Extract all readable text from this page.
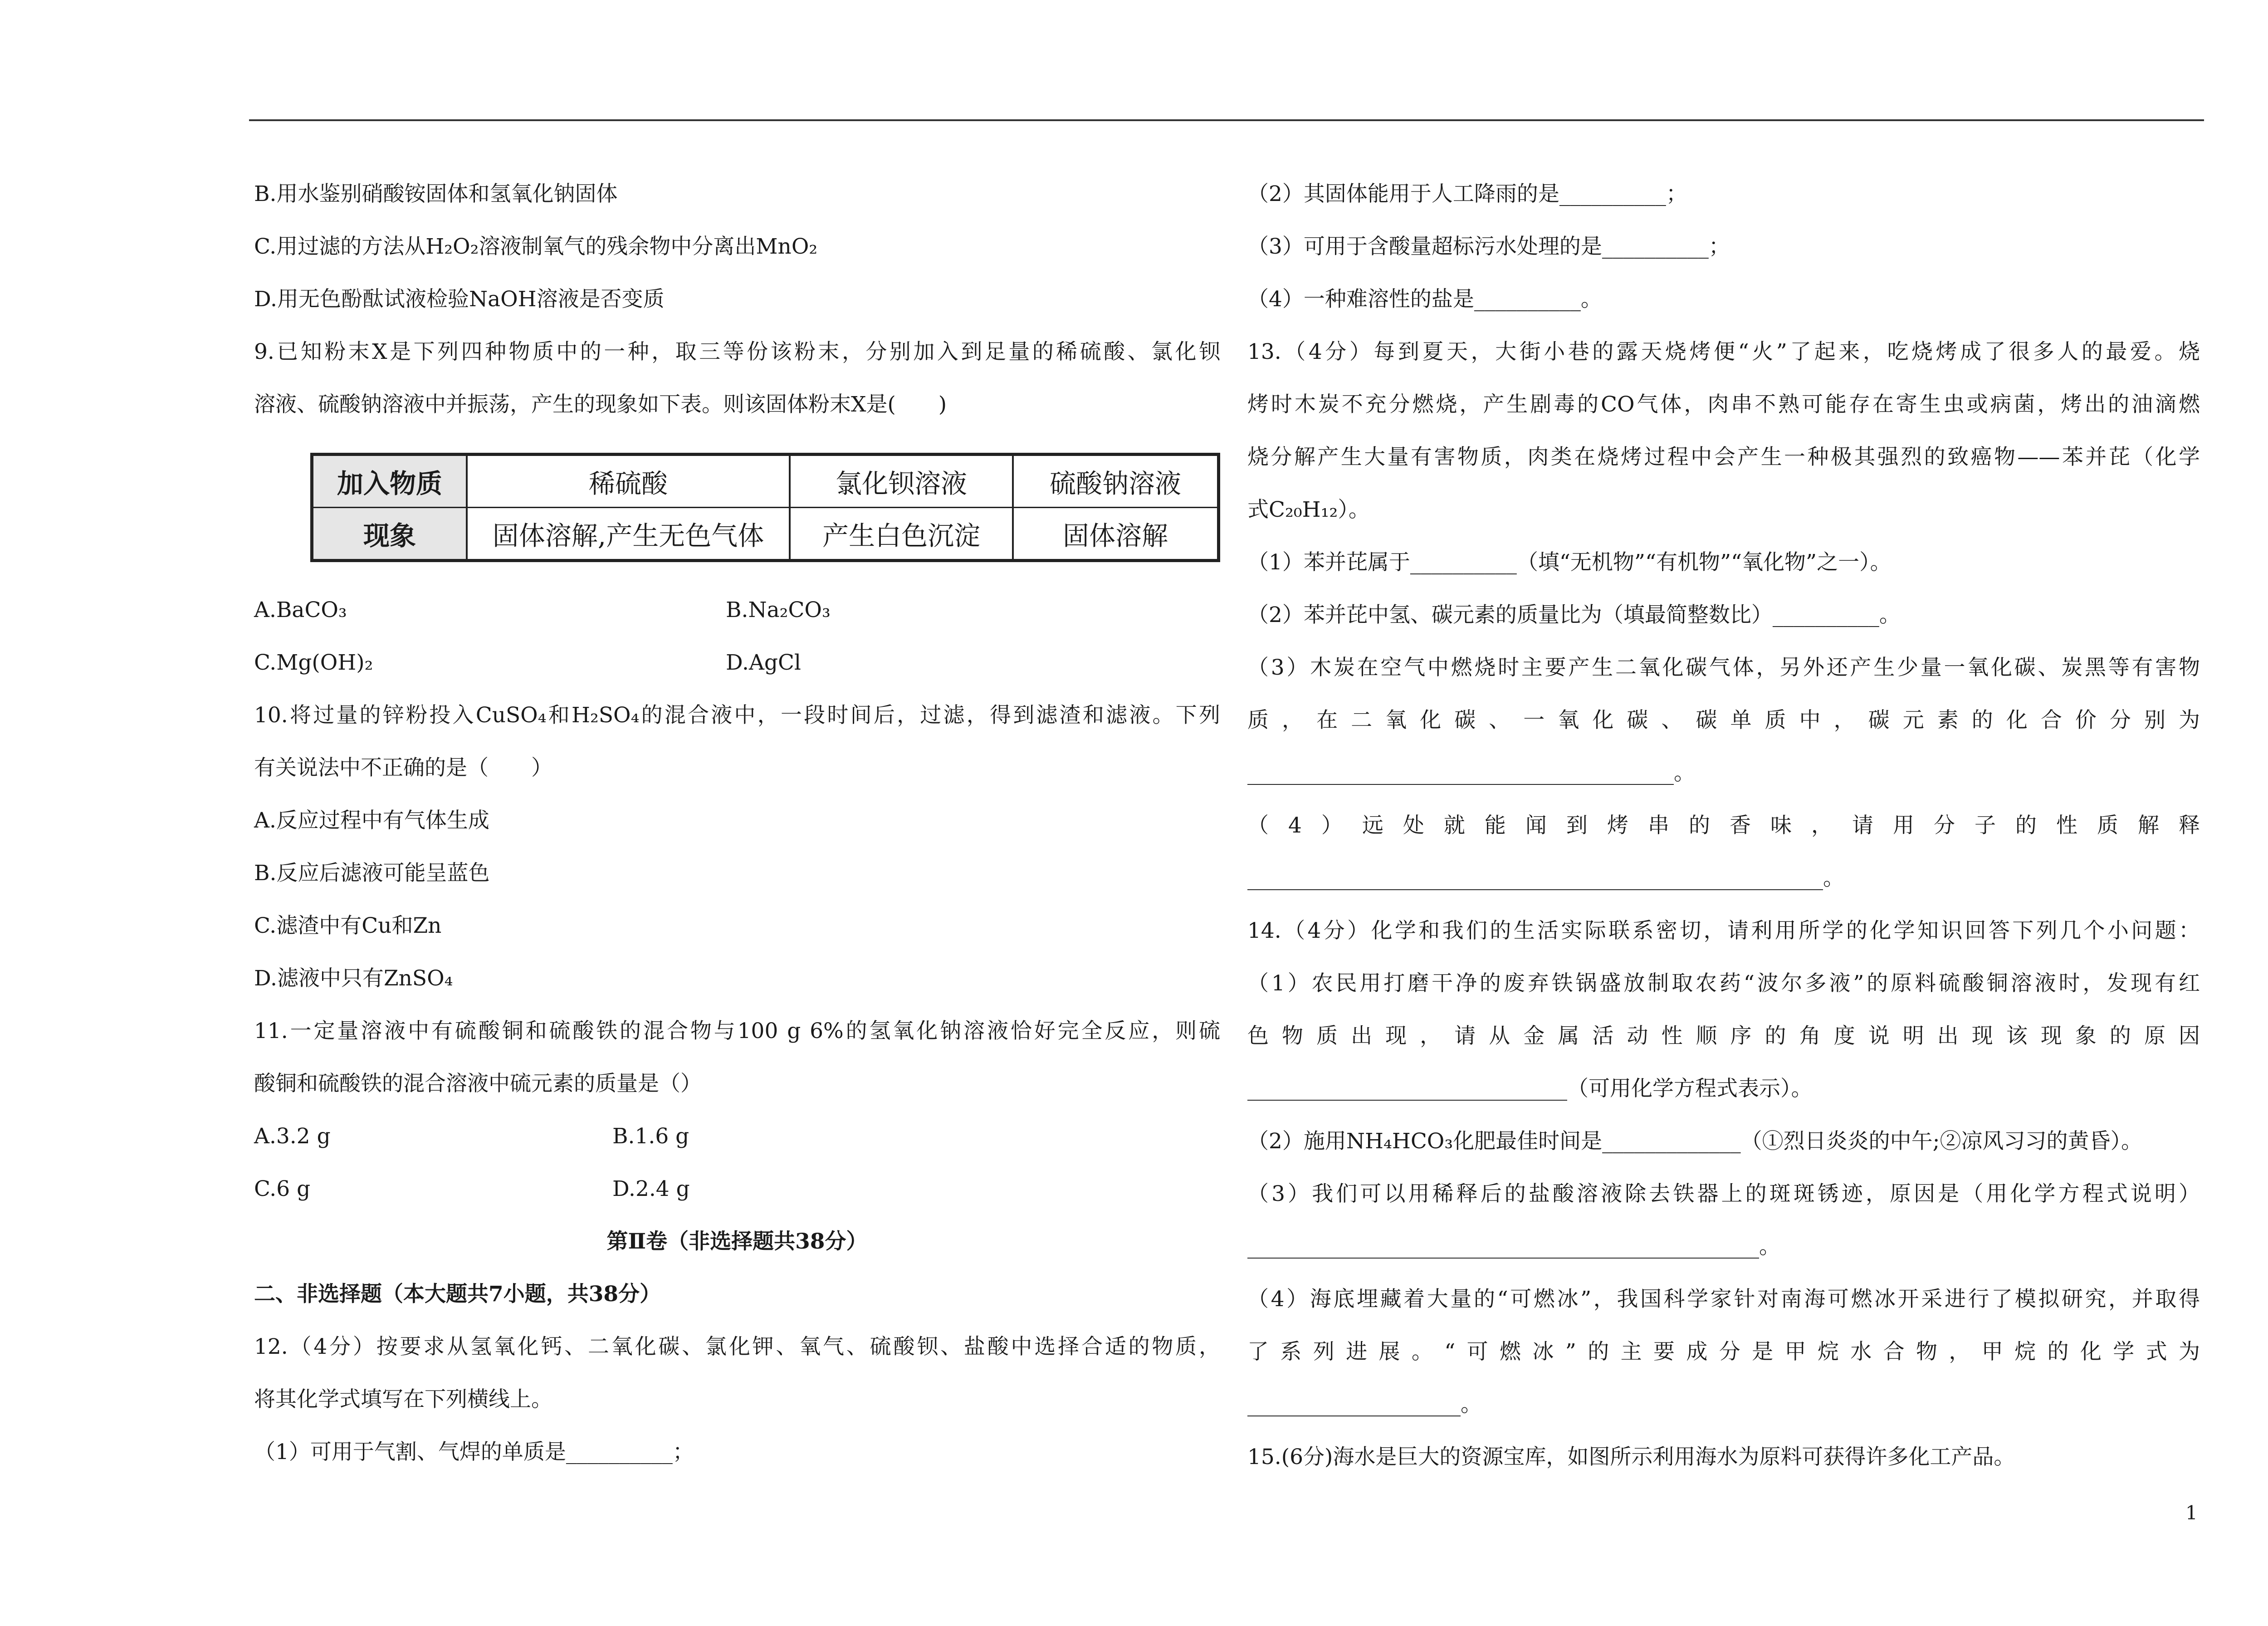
B.用水鉴别硝酸铵固体和氢氧化钠固体
C.用过滤的方法从H₂O₂溶液制氧气的残余物中分离出MnO₂
D.用无色酚酞试液检验NaOH溶液是否变质
9.已知粉末X是下列四种物质中的一种，取三等份该粉末，分别加入到足量的稀硫酸、氯化钡
溶液、硫酸钠溶液中并振荡，产生的现象如下表。则该固体粉末X是(　　)
加入物质	稀硫酸	氯化钡溶液	硫酸钠溶液
现象	固体溶解,产生无色气体	产生白色沉淀	固体溶解
A.BaCO₃	B.Na₂CO₃
C.Mg(OH)₂	D.AgCl
10.将过量的锌粉投入CuSO₄和H₂SO₄的混合液中，一段时间后，过滤，得到滤渣和滤液。下列
有关说法中不正确的是（　　）
A.反应过程中有气体生成
B.反应后滤液可能呈蓝色
C.滤渣中有Cu和Zn
D.滤液中只有ZnSO₄
11.一定量溶液中有硫酸铜和硫酸铁的混合物与100 g 6%的氢氧化钠溶液恰好完全反应，则硫
酸铜和硫酸铁的混合溶液中硫元素的质量是（）
A.3.2 g	B.1.6 g
C.6 g	D.2.4 g
第Ⅱ卷（非选择题共38分）
二、非选择题（本大题共7小题，共38分）
12.（4分）按要求从氢氧化钙、二氧化碳、氯化钾、氧气、硫酸钡、盐酸中选择合适的物质，
将其化学式填写在下列横线上。
（1）可用于气割、气焊的单质是__________；
（2）其固体能用于人工降雨的是__________；
（3）可用于含酸量超标污水处理的是__________；
（4）一种难溶性的盐是__________。
13.（4分）每到夏天，大街小巷的露天烧烤便“火”了起来，吃烧烤成了很多人的最爱。烧
烤时木炭不充分燃烧，产生剧毒的CO气体，肉串不熟可能存在寄生虫或病菌，烤出的油滴燃
烧分解产生大量有害物质，肉类在烧烤过程中会产生一种极其强烈的致癌物——苯并芘（化学
式C₂₀H₁₂）。
（1）苯并芘属于__________（填“无机物”“有机物”“氧化物”之一）。
（2）苯并芘中氢、碳元素的质量比为（填最简整数比）__________。
（3）木炭在空气中燃烧时主要产生二氧化碳气体，另外还产生少量一氧化碳、炭黑等有害物
质，在二氧化碳、一氧化碳、碳单质中，碳元素的化合价分别为
________________________________________。
（4）远处就能闻到烤串的香味，请用分子的性质解释
______________________________________________________。
14.（4分）化学和我们的生活实际联系密切，请利用所学的化学知识回答下列几个小问题：
（1）农民用打磨干净的废弃铁锅盛放制取农药“波尔多液”的原料硫酸铜溶液时，发现有红
色物质出现，请从金属活动性顺序的角度说明出现该现象的原因
______________________________（可用化学方程式表示）。
（2）施用NH₄HCO₃化肥最佳时间是_____________（①烈日炎炎的中午;②凉风习习的黄昏）。
（3）我们可以用稀释后的盐酸溶液除去铁器上的斑斑锈迹，原因是（用化学方程式说明）
________________________________________________。
（4）海底埋藏着大量的“可燃冰”，我国科学家针对南海可燃冰开采进行了模拟研究，并取得
了系列进展。“可燃冰”的主要成分是甲烷水合物，甲烷的化学式为
____________________。
15.(6分)海水是巨大的资源宝库，如图所示利用海水为原料可获得许多化工产品。
1
